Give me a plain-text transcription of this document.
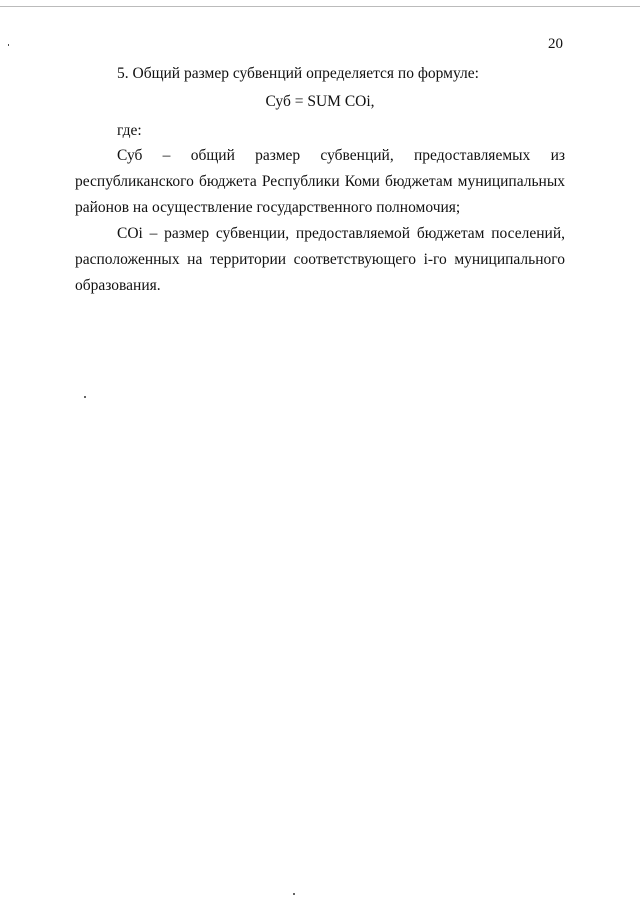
20
5. Общий размер субвенций определяется по формуле:
Суб = SUM COi,
где:
Суб – общий размер субвенций, предоставляемых из
республиканского бюджета Республики Коми бюджетам муниципальных
районов на осуществление государственного полномочия;
COi – размер субвенции, предоставляемой бюджетам поселений,
расположенных на территории соответствующего i-го муниципального
образования.
